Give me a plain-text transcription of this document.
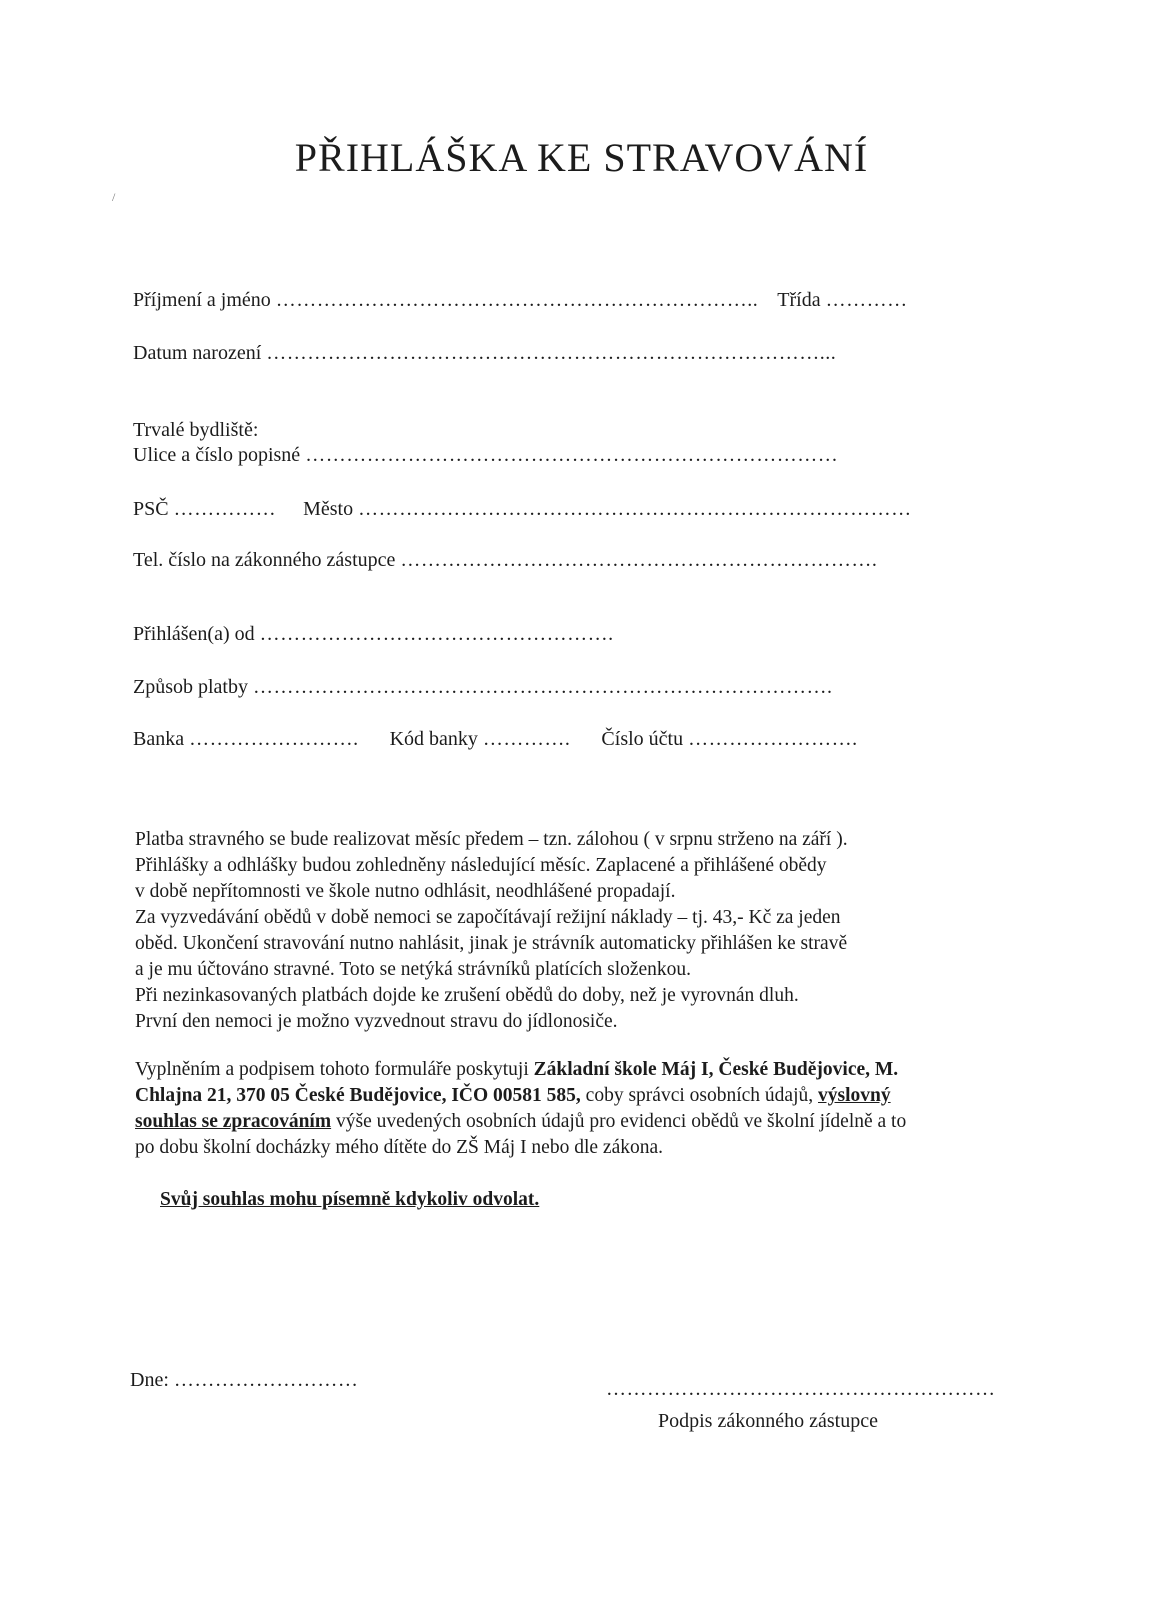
/
PŘIHLÁŠKA KE STRAVOVÁNÍ
Příjmení a jméno …………………………………………………………….. Třída …………
Datum narození ………………………………………………………………………...
Trvalé bydliště:
Ulice a číslo popisné ……………………………………………………………………
PSČ …………… Město ………………………………………………………………………
Tel. číslo na zákonného zástupce …………………………………………………………….
Přihlášen(a) od …………………………………………….
Způsob platby ………………………………………………………………………….
Banka ……………………. Kód banky …………. Číslo účtu …………………….

Platba stravného se bude realizovat měsíc předem – tzn. zálohou ( v srpnu strženo na září ).

Přihlášky a odhlášky budou zohledněny následující měsíc. Zaplacené a přihlášené obědy

v době nepřítomnosti ve škole nutno odhlásit, neodhlášené propadají.

Za vyzvedávání obědů v době nemoci se započítávají režijní náklady – tj. 43,- Kč za jeden

oběd. Ukončení stravování nutno nahlásit, jinak je strávník automaticky přihlášen ke stravě

a je mu účtováno stravné. Toto se netýká strávníků platících složenkou.

Při nezinkasovaných platbách dojde ke zrušení obědů do doby, než je vyrovnán dluh.

První den nemoci je možno vyzvednout stravu do jídlonosiče.

Vyplněním a podpisem tohoto formuláře poskytuji Základní škole Máj I, České Budějovice, M. Chlajna 21, 370 05 České Budějovice, IČO 00581 585, coby správci osobních údajů, výslovný souhlas se zpracováním výše uvedených osobních údajů pro evidenci obědů ve školní jídelně a to po dobu školní docházky mého dítěte do ZŠ Máj I nebo dle zákona.
Svůj souhlas mohu písemně kdykoliv odvolat.
Dne: ………………………	…………………………………………………
Podpis zákonného zástupce
